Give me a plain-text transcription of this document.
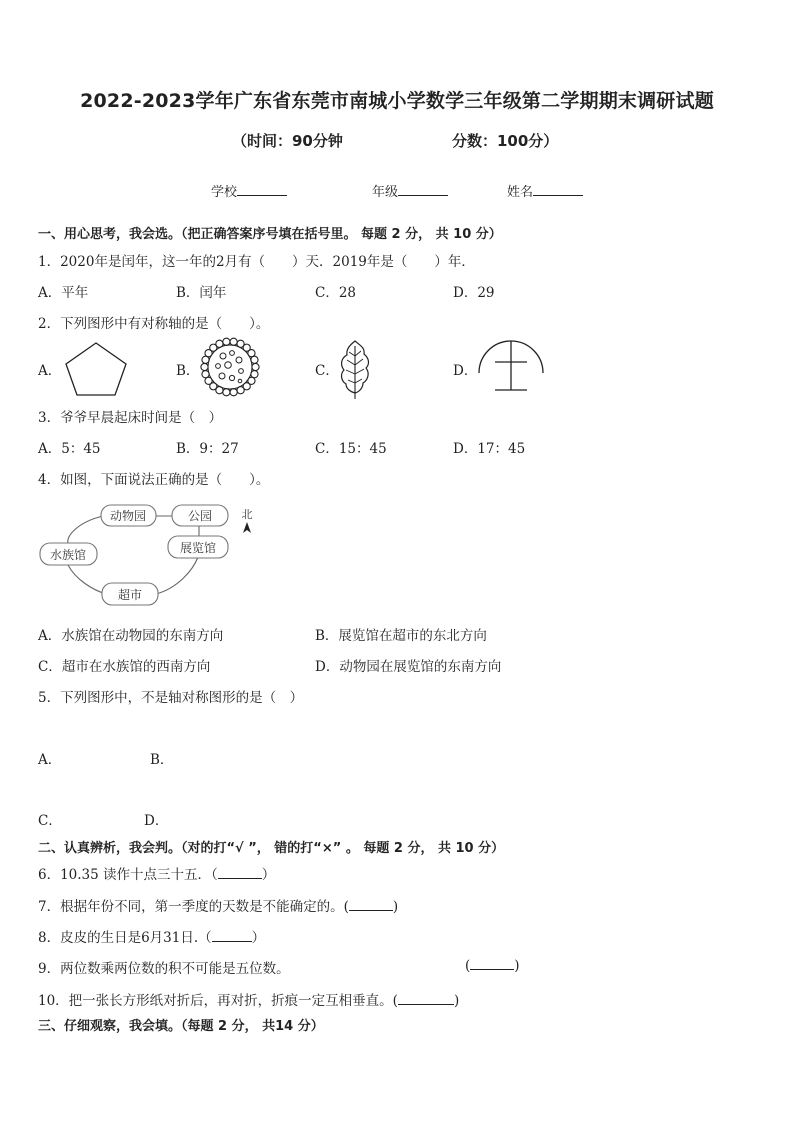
2022-2023学年广东省东莞市南城小学数学三年级第二学期期末调研试题
（时间：90分钟	分数：100分）
学校	年级	姓名
一、用心思考，我会选。（把正确答案序号填在括号里。 每题 2 分， 共 10 分）
1．2020年是闰年，这一年的2月有（　　）天．2019年是（　　）年．
A．平年	B．闰年	C．28	D．29
2．下列图形中有对称轴的是（　　）。
A．	B．	C．	D．
3．爷爷早晨起床时间是（　）
A．5：45	B．9：27	C．15：45	D．17：45
4．如图，下面说法正确的是（　　）。
动物园	公园
水族馆	展览馆
超市
北
A．水族馆在动物园的东南方向	B．展览馆在超市的东北方向
C．超市在水族馆的西南方向	D．动物园在展览馆的东南方向
5．下列图形中，不是轴对称图形的是（　）
A．	B．
C．	D．
二、认真辨析，我会判。（对的打“√ ”， 错的打“×” 。 每题 2 分， 共 10 分）
6．10.35 读作十点三十五．（	）
7．根据年份不同，第一季度的天数是不能确定的。(	)
8．皮皮的生日是6月31日.（	）
9．两位数乘两位数的积不可能是五位数。	(	)
10．把一张长方形纸对折后，再对折，折痕一定互相垂直。(	)
三、仔细观察，我会填。（每题 2 分， 共14 分）
